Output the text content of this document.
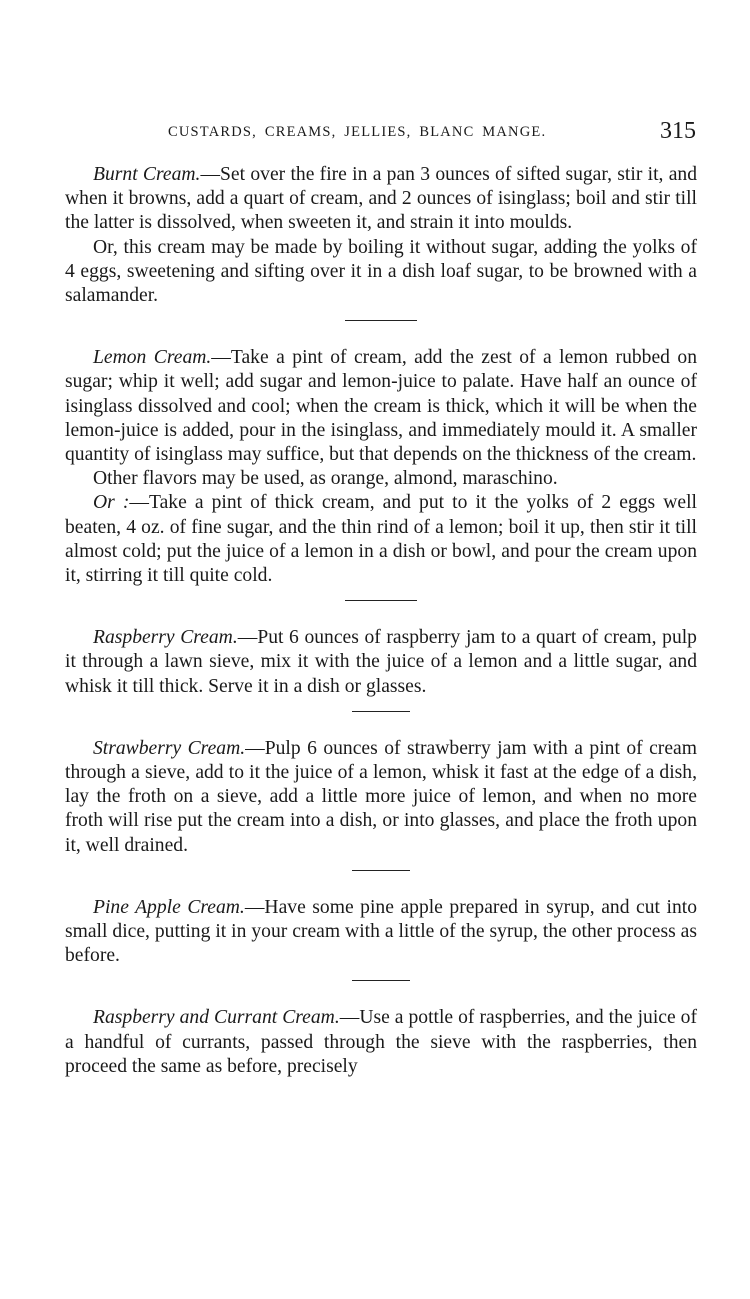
CUSTARDS, CREAMS, JELLIES, BLANC MANGE.	315

Burnt Cream.—Set over the fire in a pan 3 ounces of sifted sugar, stir it, and when it browns, add a quart of cream, and 2 ounces of isinglass; boil and stir till the latter is dissolved, when sweeten it, and strain it into moulds.

Or, this cream may be made by boiling it without sugar, adding the yolks of 4 eggs, sweetening and sifting over it in a dish loaf sugar, to be browned with a salamander.

Lemon Cream.—Take a pint of cream, add the zest of a lemon rubbed on sugar; whip it well; add sugar and lemon-juice to palate. Have half an ounce of isinglass dissolved and cool; when the cream is thick, which it will be when the lemon-juice is added, pour in the isinglass, and immediately mould it. A smaller quantity of isinglass may suffice, but that depends on the thickness of the cream.

Other flavors may be used, as orange, almond, maraschino.

Or :—Take a pint of thick cream, and put to it the yolks of 2 eggs well beaten, 4 oz. of fine sugar, and the thin rind of a lemon; boil it up, then stir it till almost cold; put the juice of a lemon in a dish or bowl, and pour the cream upon it, stirring it till quite cold.

Raspberry Cream.—Put 6 ounces of raspberry jam to a quart of cream, pulp it through a lawn sieve, mix it with the juice of a lemon and a little sugar, and whisk it till thick. Serve it in a dish or glasses.

Strawberry Cream.—Pulp 6 ounces of strawberry jam with a pint of cream through a sieve, add to it the juice of a lemon, whisk it fast at the edge of a dish, lay the froth on a sieve, add a little more juice of lemon, and when no more froth will rise put the cream into a dish, or into glasses, and place the froth upon it, well drained.

Pine Apple Cream.—Have some pine apple prepared in syrup, and cut into small dice, putting it in your cream with a little of the syrup, the other process as before.

Raspberry and Currant Cream.—Use a pottle of raspberries, and the juice of a handful of currants, passed through the sieve with the raspberries, then proceed the same as before, precisely
